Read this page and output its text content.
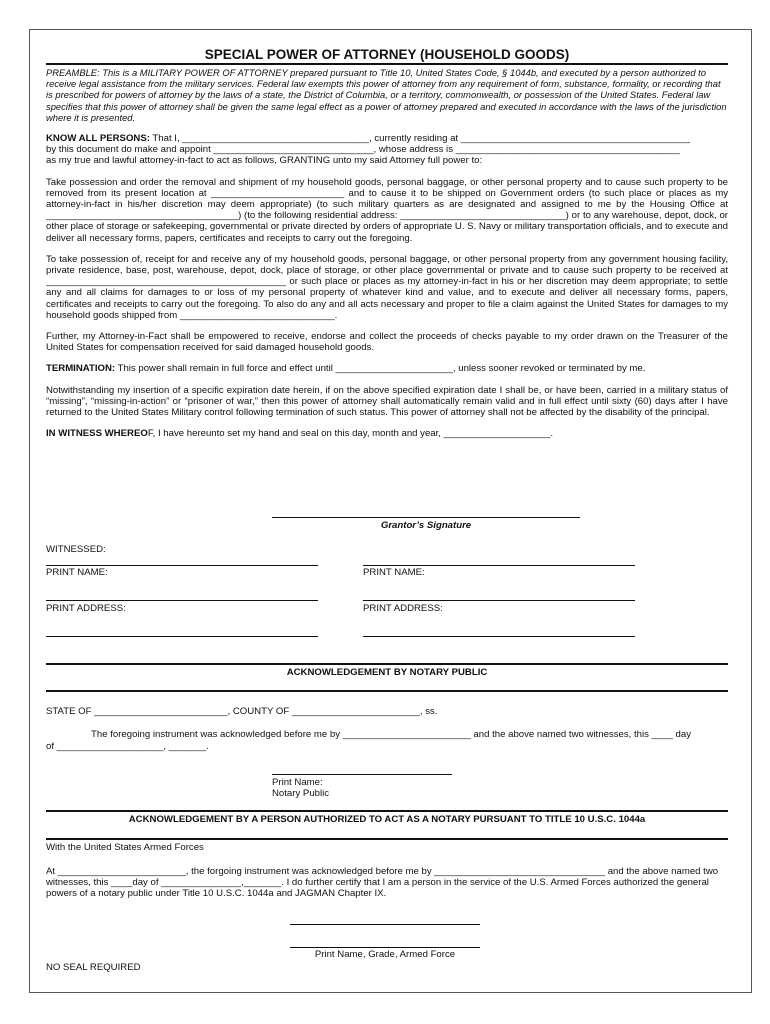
SPECIAL POWER OF ATTORNEY (HOUSEHOLD GOODS)

PREAMBLE: This is a MILITARY POWER OF ATTORNEY prepared pursuant to Title 10, United States Code, § 1044b, and executed by a person authorized to receive legal assistance from the military services. Federal law exempts this power of attorney from any requirement of form, substance, formality, or recording that is prescribed for powers of attorney by the laws of a state, the District of Columbia, or a territory, commonwealth, or possession of the United States. Federal law specifies that this power of attorney shall be given the same legal effect as a power of attorney prepared and executed in accordance with the laws of the jurisdiction where it is presented.

KNOW ALL PERSONS: That I, ___________________________________, currently residing at ___________________________________________

by this document do make and appoint ______________________________, whose address is __________________________________________

as my true and lawful attorney-in-fact to act as follows, GRANTING unto my said Attorney full power to:

Take possession and order the removal and shipment of my household goods, personal baggage, or other personal property and to cause such property to be removed from its present location at _________________________ and to cause it to be shipped on Government orders (to such place or places as my attorney-in-fact in his/her discretion may deem appropriate) (to such military quarters as are designated and assigned to me by the Housing Office at ____________________________________) (to the following residential address: _______________________________) or to any warehouse, depot, dock, or other place of storage or safekeeping, governmental or private directed by orders of appropriate U. S. Navy or military transportation officials, and to execute and deliver all necessary forms, papers, certificates and receipts to carry out the foregoing.

To take possession of, receipt for and receive any of my household goods, personal baggage, or other personal property from any government housing facility, private residence, base, post, warehouse, depot, dock, place of storage, or other place governmental or private and to cause such property to be received at _____________________________________________ or such place or places as my attorney-in-fact in his or her discretion may deem appropriate; to settle any and all claims for damages to or loss of my personal property of whatever kind and value, and to execute and deliver all necessary forms, papers, certificates and receipts to carry out the foregoing. To also do any and all acts necessary and proper to file a claim against the United States for damages to my household goods shipped from _____________________________.

Further, my Attorney-in-Fact shall be empowered to receive, endorse and collect the proceeds of checks payable to my order drawn on the Treasurer of the United States for compensation received for said damaged household goods.

TERMINATION: This power shall remain in full force and effect until ______________________, unless sooner revoked or terminated by me.

Notwithstanding my insertion of a specific expiration date herein, if on the above specified expiration date I shall be, or have been, carried in a military status of “missing”, “missing-in-action” or “prisoner of war,” then this power of attorney shall automatically remain valid and in full effect until sixty (60) days after I have returned to the United States Military control following termination of such status. This power of attorney shall not be affected by the disability of the principal.

IN WITNESS WHEREOF, I have hereunto set my hand and seal on this day, month and year, ____________________.

Grantor’s Signature
WITNESSED:
PRINT NAME:	PRINT NAME:
PRINT ADDRESS:	PRINT ADDRESS:
ACKNOWLEDGEMENT BY NOTARY PUBLIC
STATE OF _________________________, COUNTY OF ________________________, ss.
The foregoing instrument was acknowledged before me by ________________________ and the above named two witnesses, this ____ day
of ____________________, _______.
Print Name:
Notary Public
ACKNOWLEDGEMENT BY A PERSON AUTHORIZED TO ACT AS A NOTARY PURSUANT TO TITLE 10 U.S.C. 1044a
With the United States Armed Forces
At ________________________, the forgoing instrument was acknowledged before me by ________________________________ and the above named two witnesses, this ____day of _______________,_______. I do further certify that I am a person in the service of the U.S. Armed Forces authorized the general powers of a notary public under Title 10 U.S.C. 1044a and JAGMAN Chapter IX.
Print Name, Grade, Armed Force
NO SEAL REQUIRED
